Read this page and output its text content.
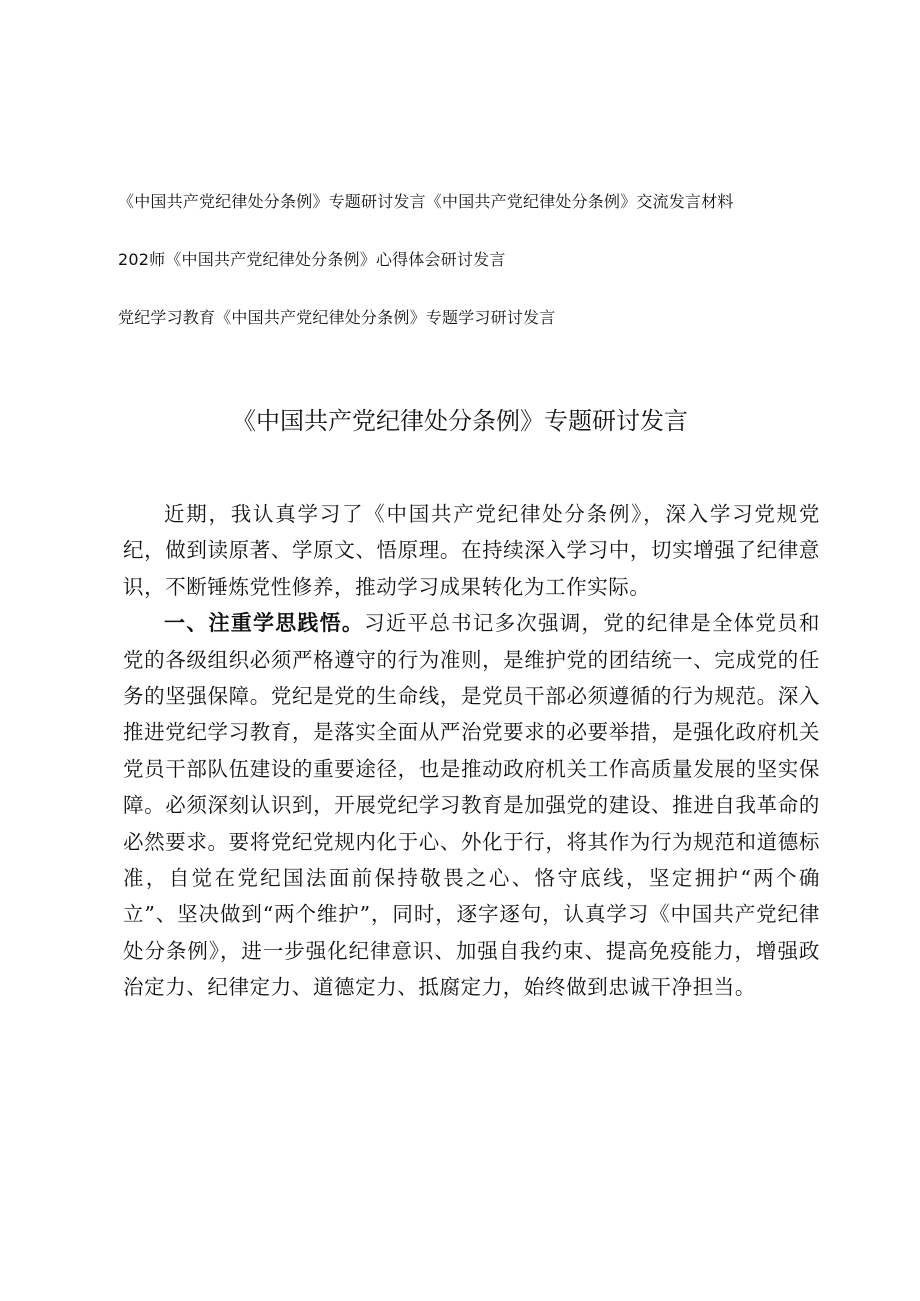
《中国共产党纪律处分条例》专题研讨发言《中国共产党纪律处分条例》交流发言材料
202师《中国共产党纪律处分条例》心得体会研讨发言
党纪学习教育《中国共产党纪律处分条例》专题学习研讨发言
《中国共产党纪律处分条例》专题研讨发言

近期，我认真学习了《中国共产党纪律处分条例》，深入学习党规党纪，做到读原著、学原文、悟原理。在持续深入学习中，切实增强了纪律意识，不断锤炼党性修养，推动学习成果转化为工作实际。

一、注重学思践悟。习近平总书记多次强调，党的纪律是全体党员和党的各级组织必须严格遵守的行为准则，是维护党的团结统一、完成党的任务的坚强保障。党纪是党的生命线，是党员干部必须遵循的行为规范。深入推进党纪学习教育，是落实全面从严治党要求的必要举措，是强化政府机关党员干部队伍建设的重要途径，也是推动政府机关工作高质量发展的坚实保障。必须深刻认识到，开展党纪学习教育是加强党的建设、推进自我革命的必然要求。要将党纪党规内化于心、外化于行，将其作为行为规范和道德标准，自觉在党纪国法面前保持敬畏之心、恪守底线，坚定拥护“两个确立”、坚决做到“两个维护”，同时，逐字逐句，认真学习《中国共产党纪律处分条例》，进一步强化纪律意识、加强自我约束、提高免疫能力，增强政治定力、纪律定力、道德定力、抵腐定力，始终做到忠诚干净担当。
